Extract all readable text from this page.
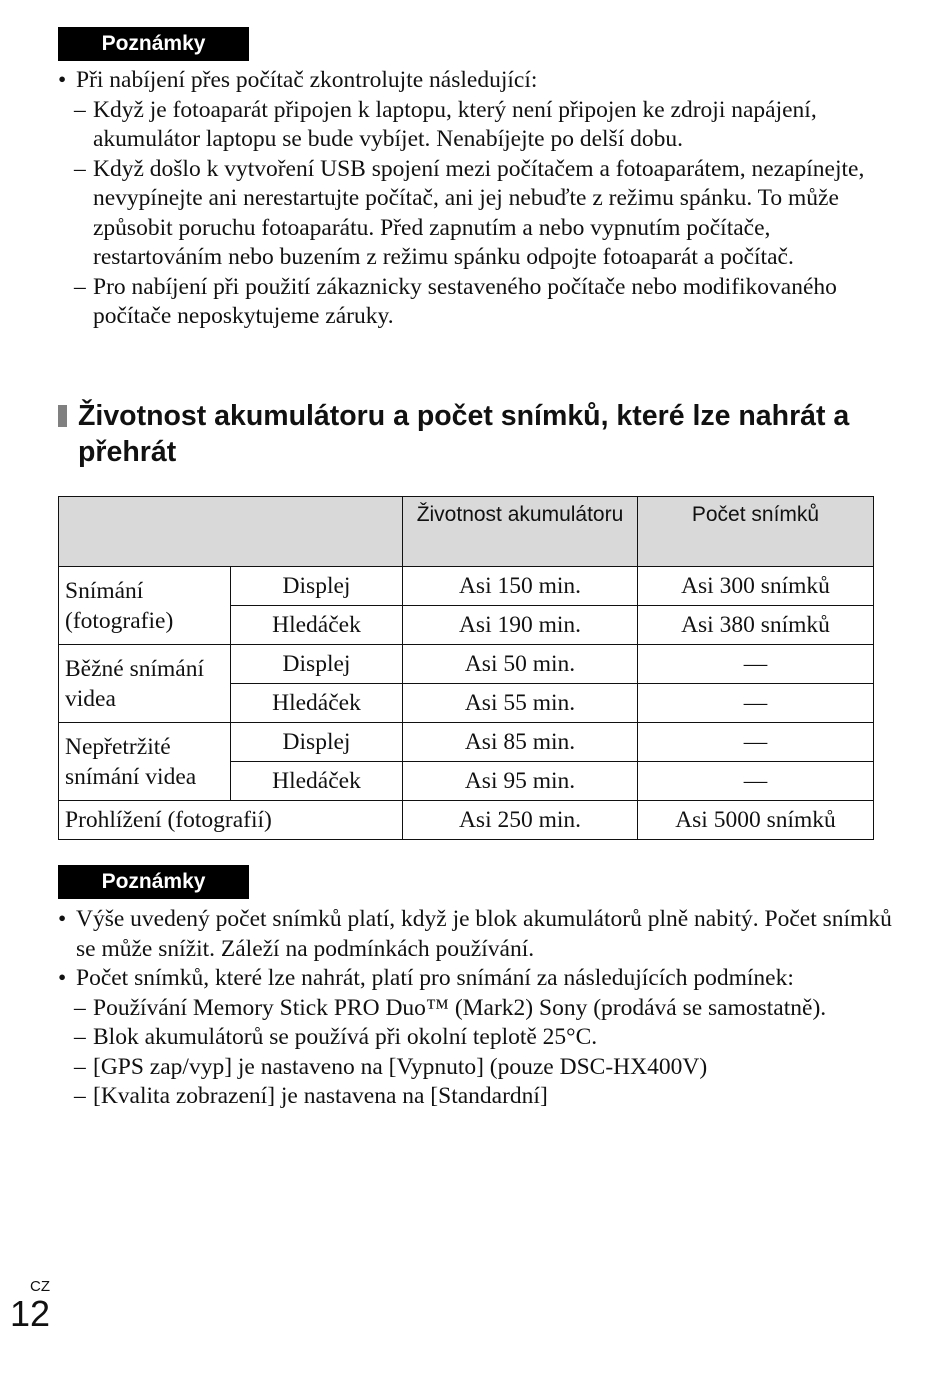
Poznámky
• Při nabíjení přes počítač zkontrolujte následující:
– Když je fotoaparát připojen k laptopu, který není připojen ke zdroji napájení, akumulátor laptopu se bude vybíjet. Nenabíjejte po delší dobu.
– Když došlo k vytvoření USB spojení mezi počítačem a fotoaparátem, nezapínejte, nevypínejte ani nerestartujte počítač, ani jej nebuďte z režimu spánku. To může způsobit poruchu fotoaparátu. Před zapnutím a nebo vypnutím počítače, restartováním nebo buzením z režimu spánku odpojte fotoaparát a počítač.
– Pro nabíjení při použití zákaznicky sestaveného počítače nebo modifikovaného počítače neposkytujeme záruky.
Životnost akumulátoru a počet snímků, které lze nahrát a přehrát
		Životnost akumulátoru	Počet snímků
Snímání (fotografie)	Displej	Asi 150 min.	Asi 300 snímků
	Hledáček	Asi 190 min.	Asi 380 snímků
Běžné snímání videa	Displej	Asi 50 min.	—
	Hledáček	Asi 55 min.	—
Nepřetržité snímání videa	Displej	Asi 85 min.	—
	Hledáček	Asi 95 min.	—
Prohlížení (fotografií)		Asi 250 min.	Asi 5000 snímků
Poznámky
• Výše uvedený počet snímků platí, když je blok akumulátorů plně nabitý. Počet snímků se může snížit. Záleží na podmínkách používání.
• Počet snímků, které lze nahrát, platí pro snímání za následujících podmínek:
– Používání Memory Stick PRO Duo™ (Mark2) Sony (prodává se samostatně).
– Blok akumulátorů se používá při okolní teplotě 25°C.
– [GPS zap/vyp] je nastaveno na [Vypnuto] (pouze DSC-HX400V)
– [Kvalita zobrazení] je nastavena na [Standardní]
CZ
12
